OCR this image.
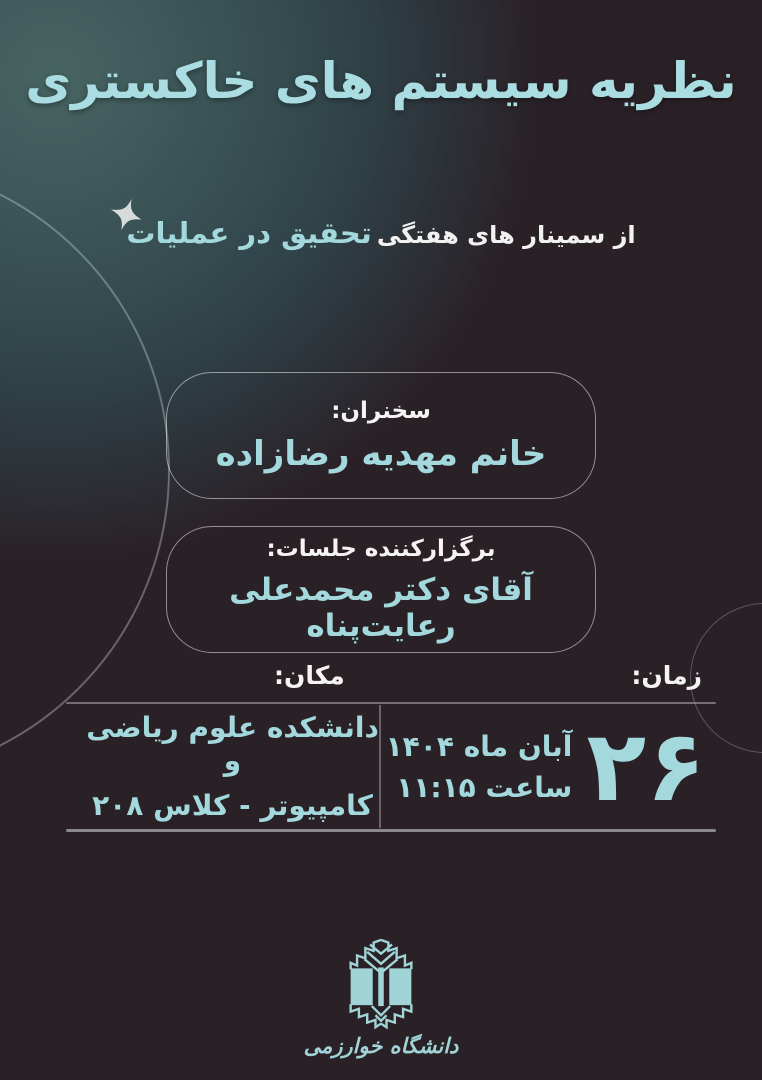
نظریه سیستم های خاکستری
از سمینار های هفتگی تحقیق در عملیات
سخنران:
خانم مهدیه رضازاده
برگزارکننده جلسات:
آقای دکتر محمدعلی رعایت‌پناه
زمان:
مکان:
۲۶
آبان ماه ۱۴۰۴
ساعت ۱۱:۱۵
دانشکده علوم ریاضی و
کامپیوتر - کلاس ۲۰۸
دانشگاه خوارزمی
